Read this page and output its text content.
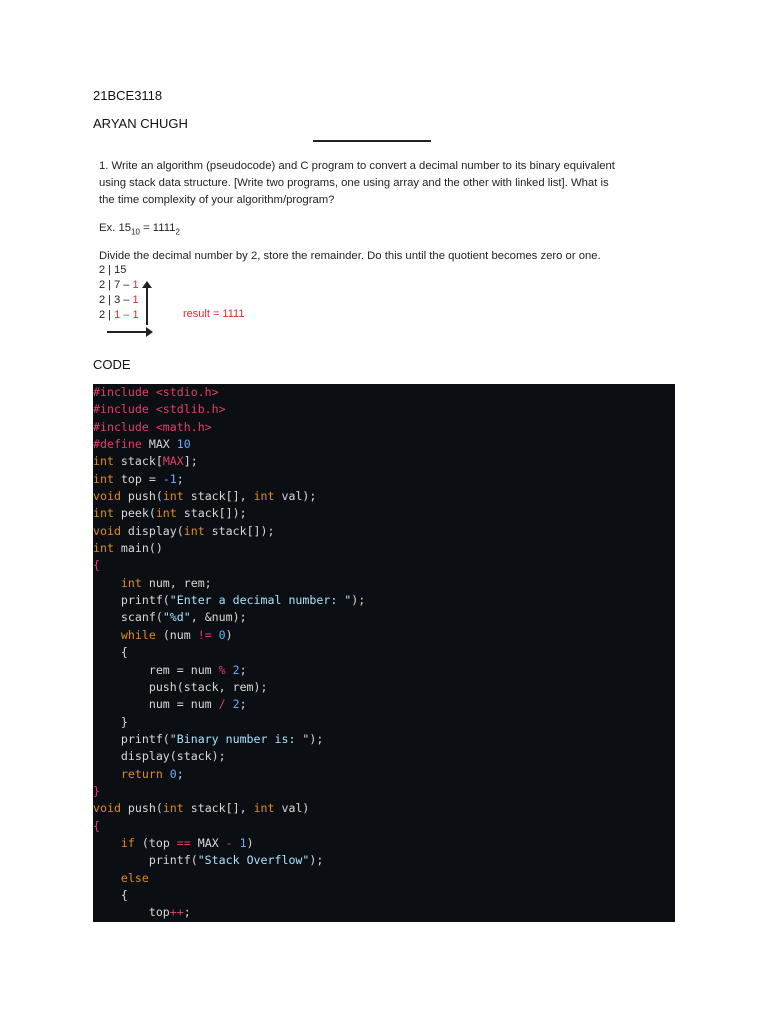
21BCE3118
ARYAN CHUGH
1. Write an algorithm (pseudocode) and C program to convert a decimal number to its binary equivalent
using stack data structure. [Write two programs, one using array and the other with linked list]. What is
the time complexity of your algorithm/program?
Ex. $15_{10} = 1111_2$
Divide the decimal number by 2, store the remainder. Do this until the quotient becomes zero or one.
2 | 15
2 | 7 – 1
2 | 3 – 1
2 | 1 – 1	result = 1111
CODE
#include <stdio.h>
#include <stdlib.h>
#include <math.h>
#define MAX 10
int stack[MAX];
int top = -1;
void push(int stack[], int val);
int peek(int stack[]);
void display(int stack[]);
int main()
{
int num, rem;
printf("Enter a decimal number: ");
scanf("%d", &num);
while (num != 0)
{
rem = num % 2;
push(stack, rem);
num = num / 2;
}
printf("Binary number is: ");
display(stack);
return 0;
}
void push(int stack[], int val)
{
if (top == MAX - 1)
printf("Stack Overflow");
else
{
top++;
